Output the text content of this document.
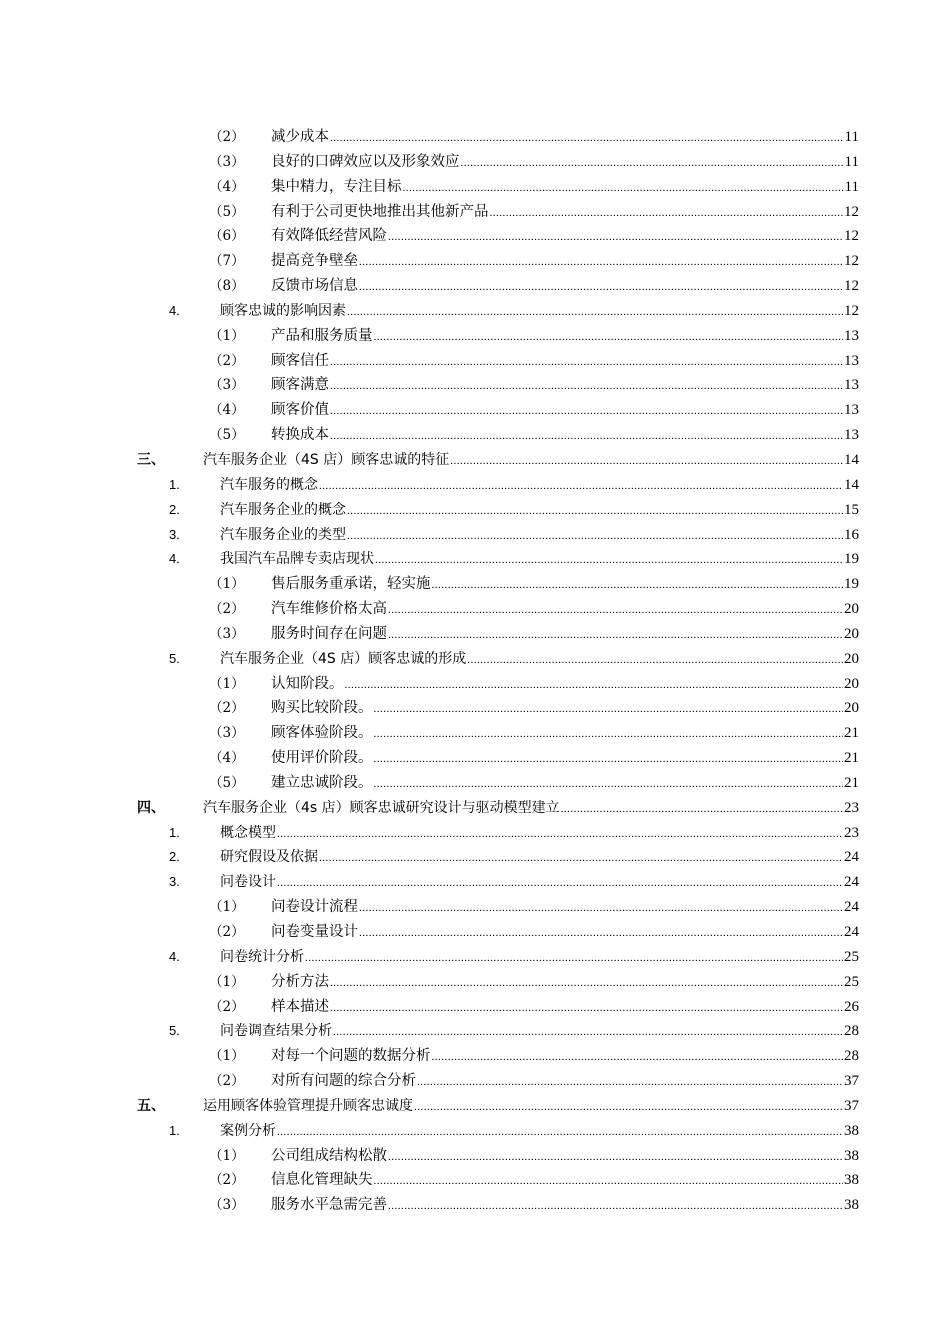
（2） 减少成本 .....	11
（3） 良好的口碑效应以及形象效应 .....	11
（4） 集中精力，专注目标 .....	11
（5） 有利于公司更快地推出其他新产品 .....	12
（6） 有效降低经营风险 .....	12
（7） 提高竞争壁垒 .....	12
（8） 反馈市场信息 .....	12
4.	顾客忠诚的影响因素 .....	12
（1） 产品和服务质量 .....	13
（2） 顾客信任 .....	13
（3） 顾客满意 .....	13
（4） 顾客价值 .....	13
（5） 转换成本 .....	13
三、	汽车服务企业（4S 店）顾客忠诚的特征 .....	14
1.	汽车服务的概念 .....	14
2.	汽车服务企业的概念 .....	15
3.	汽车服务企业的类型 .....	16
4.	我国汽车品牌专卖店现状 .....	19
（1） 售后服务重承诺，轻实施 .....	19
（2） 汽车维修价格太高 .....	20
（3） 服务时间存在问题 .....	20
5.	汽车服务企业（4S 店）顾客忠诚的形成 .....	20
（1） 认知阶段。 .....	20
（2） 购买比较阶段。 .....	20
（3） 顾客体验阶段。 .....	21
（4） 使用评价阶段。 .....	21
（5） 建立忠诚阶段。 .....	21
四、	汽车服务企业（4s 店）顾客忠诚研究设计与驱动模型建立 .....	23
1.	概念模型 .....	23
2.	研究假设及依据 .....	24
3.	问卷设计 .....	24
（1） 问卷设计流程 .....	24
（2） 问卷变量设计 .....	24
4.	问卷统计分析 .....	25
（1） 分析方法 .....	25
（2） 样本描述 .....	26
5.	问卷调查结果分析 .....	28
（1） 对每一个问题的数据分析 .....	28
（2） 对所有问题的综合分析 .....	37
五、	运用顾客体验管理提升顾客忠诚度 .....	37
1.	案例分析 .....	38
（1） 公司组成结构松散 .....	38
（2） 信息化管理缺失 .....	38
（3） 服务水平急需完善 .....	38
